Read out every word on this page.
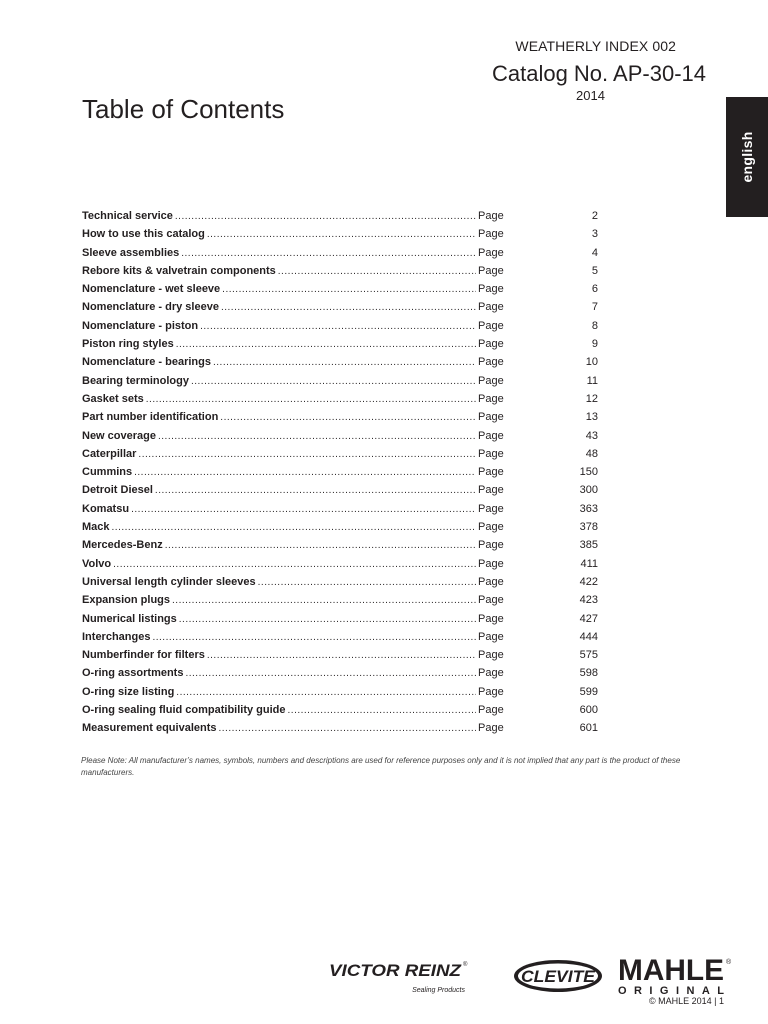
WEATHERLY INDEX 002
Catalog No. AP-30-14
2014
Table of Contents
english
Technical service .....	Page	2
How to use this catalog .....	Page	3
Sleeve assemblies .....	Page	4
Rebore kits & valvetrain components .....	Page	5
Nomenclature - wet sleeve .....	Page	6
Nomenclature - dry sleeve .....	Page	7
Nomenclature - piston .....	Page	8
Piston ring styles .....	Page	9
Nomenclature - bearings .....	Page	10
Bearing terminology .....	Page	11
Gasket sets .....	Page	12
Part number identification .....	Page	13
New coverage .....	Page	43
Caterpillar .....	Page	48
Cummins .....	Page	150
Detroit Diesel .....	Page	300
Komatsu .....	Page	363
Mack .....	Page	378
Mercedes-Benz .....	Page	385
Volvo .....	Page	411
Universal length cylinder sleeves .....	Page	422
Expansion plugs .....	Page	423
Numerical listings .....	Page	427
Interchanges .....	Page	444
Numberfinder for filters .....	Page	575
O-ring assortments .....	Page	598
O-ring size listing .....	Page	599
O-ring sealing fluid compatibility guide .....	Page	600
Measurement equivalents .....	Page	601

Please Note: All manufacturer’s names, symbols, numbers and descriptions are used for reference purposes only and it is not implied that any part is the product of these manufacturers.

VICTOR REINZ ®
Sealing Products
CLEVITE MAHLE ®
ORIGINAL
© MAHLE 2014 | 1
